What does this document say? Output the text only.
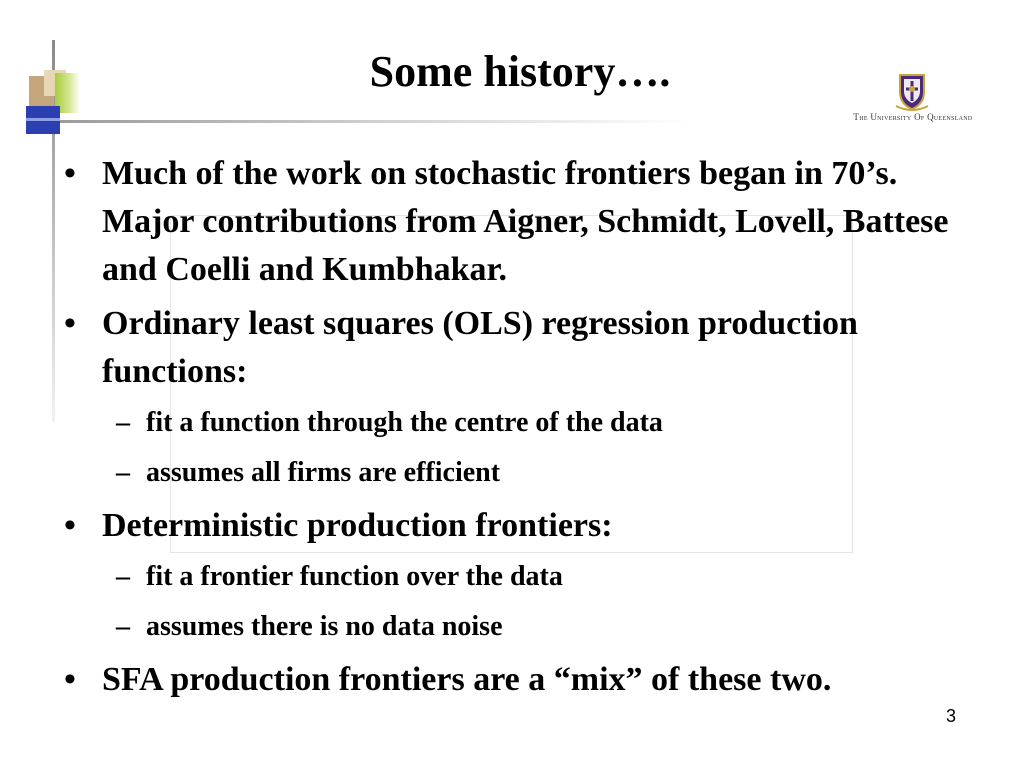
Some history….
The University Of Queensland
• Much of the work on stochastic frontiers began in 70’s. Major contributions from Aigner, Schmidt, Lovell, Battese and Coelli and Kumbhakar.
• Ordinary least squares (OLS) regression production functions:
– fit a function through the centre of the data
– assumes all firms are efficient
• Deterministic production frontiers:
– fit a frontier function over the data
– assumes there is no data noise
• SFA production frontiers are a “mix” of these two.
3
